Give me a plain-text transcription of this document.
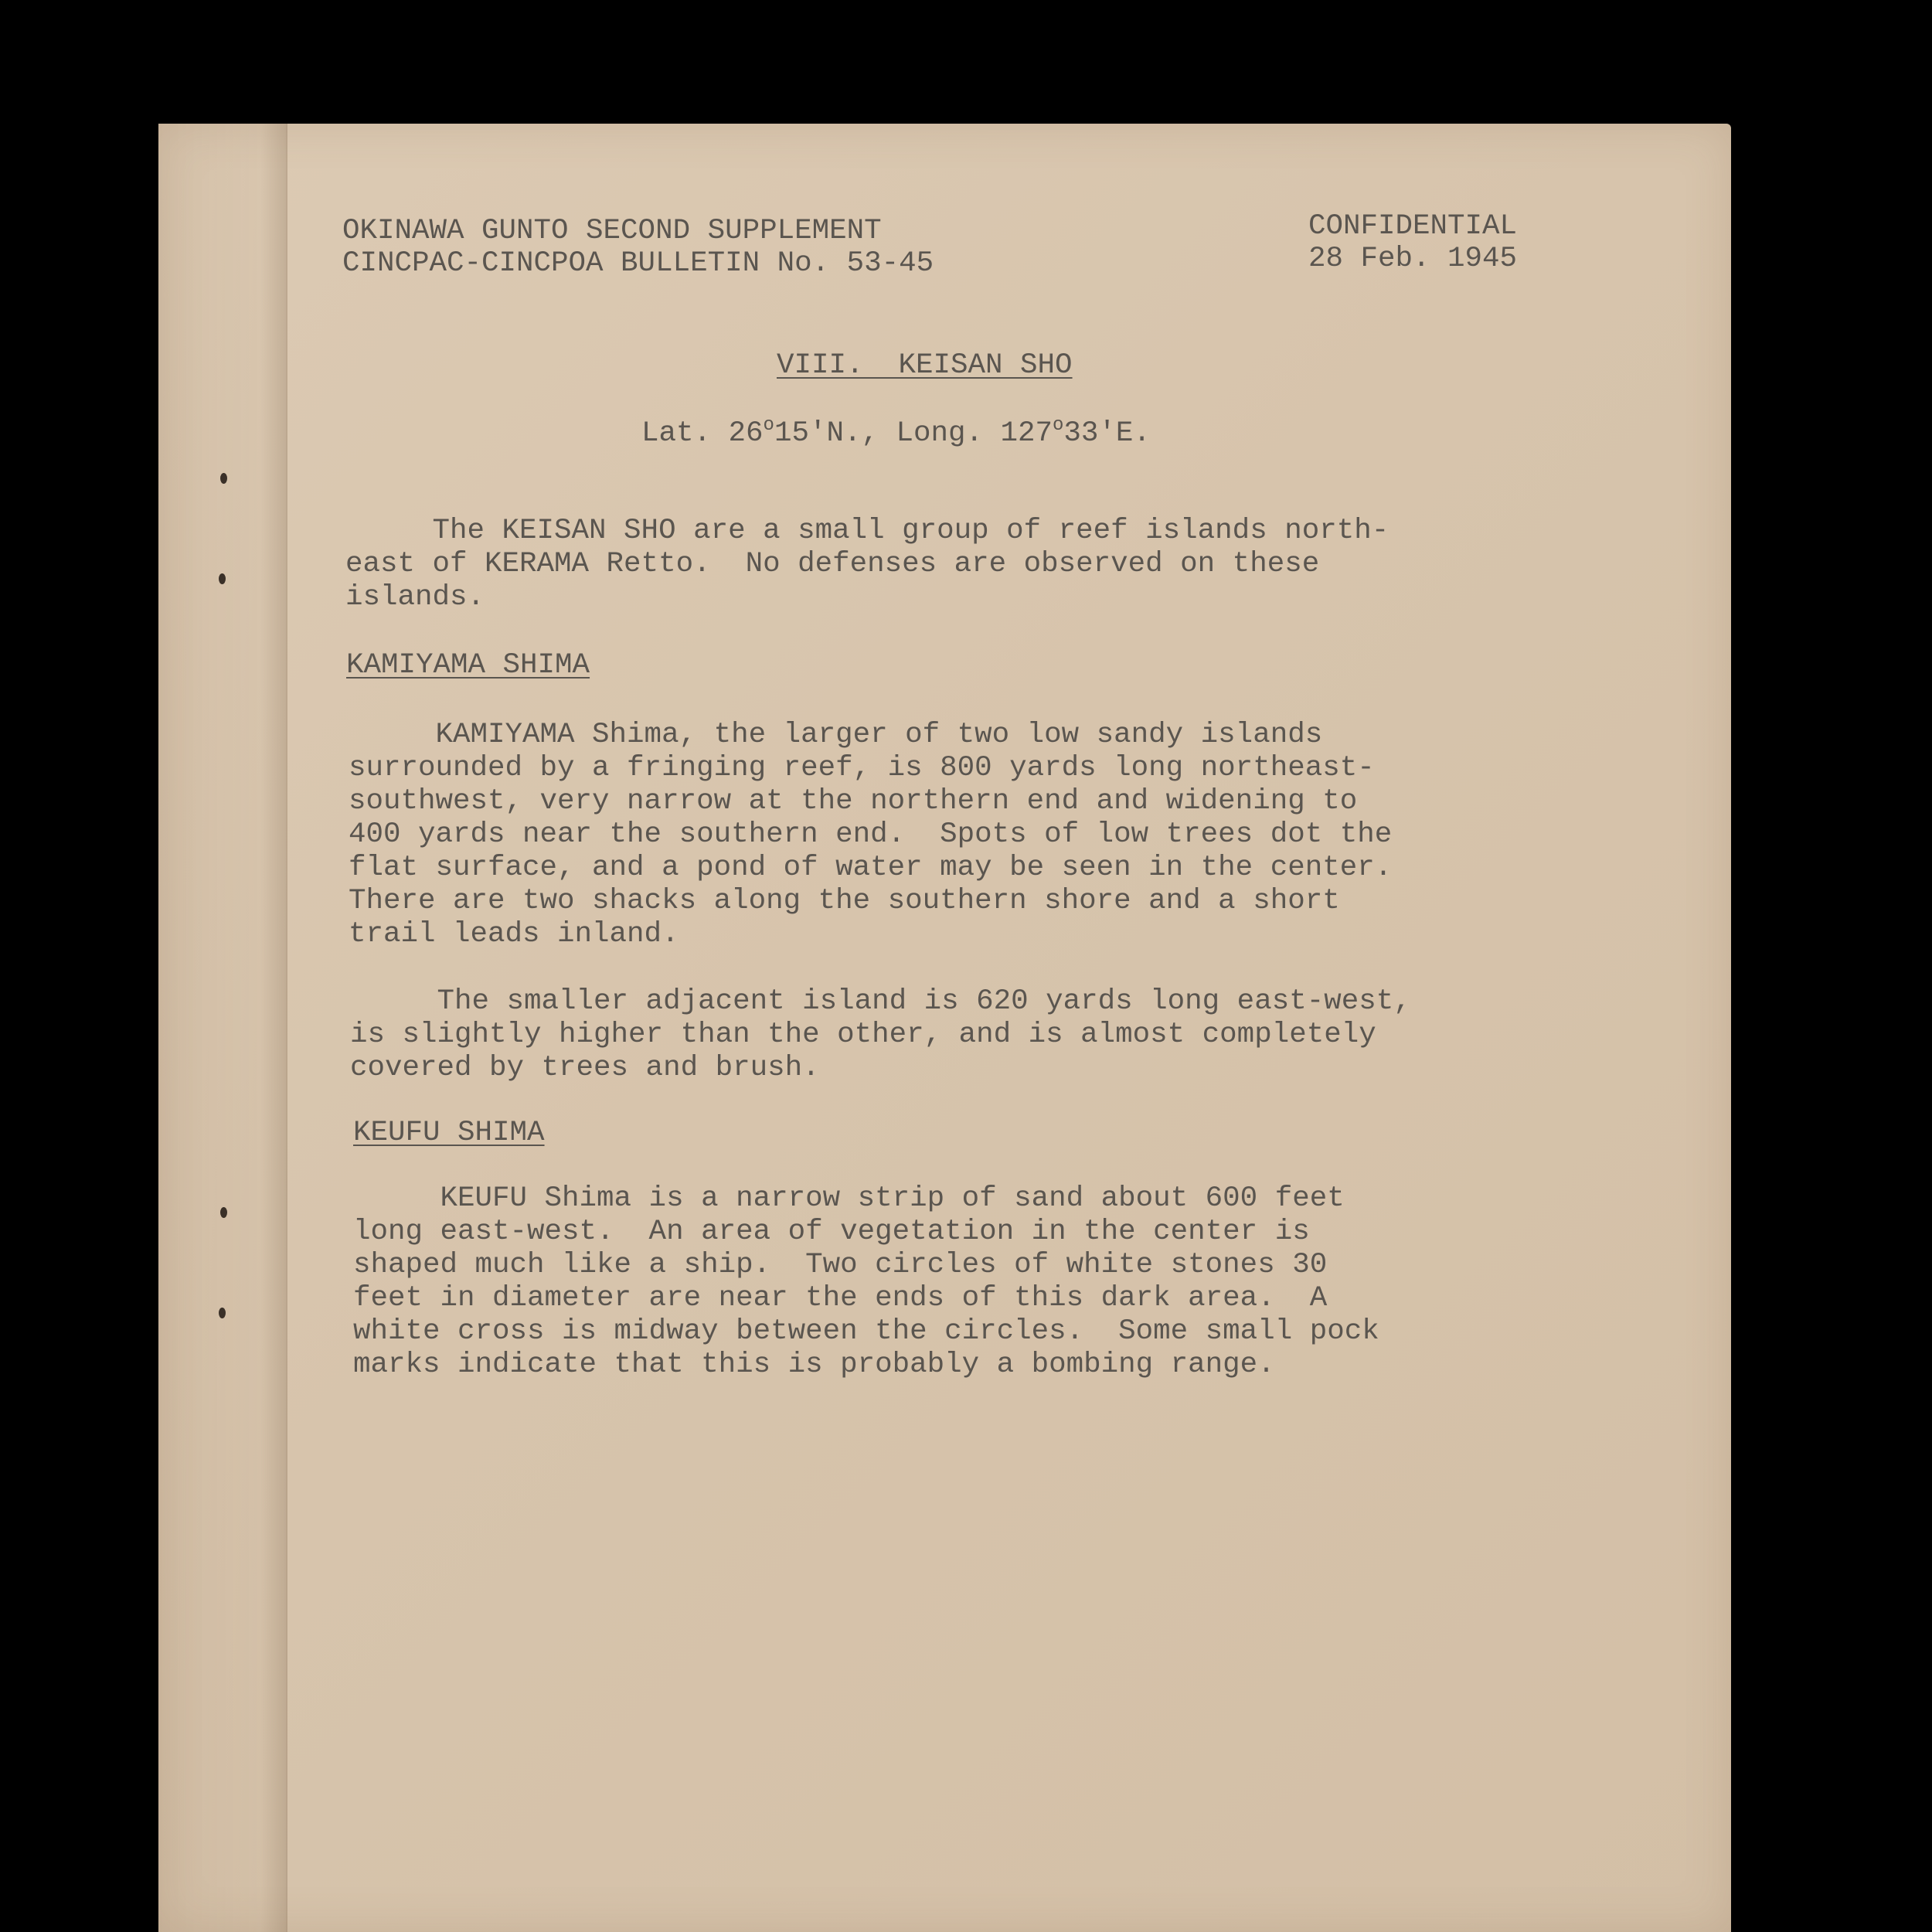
OKINAWA GUNTO SECOND SUPPLEMENT
CINCPAC-CINCPOA BULLETIN No. 53-45
CONFIDENTIAL
28 Feb. 1945
VIII.  KEISAN SHO
Lat. 26$^o$15'N., Long. 127$^o$33'E.
The KEISAN SHO are a small group of reef islands north-
east of KERAMA Retto.  No defenses are observed on these
islands.
KAMIYAMA SHIMA
KAMIYAMA Shima, the larger of two low sandy islands
surrounded by a fringing reef, is 800 yards long northeast-
southwest, very narrow at the northern end and widening to
400 yards near the southern end.  Spots of low trees dot the
flat surface, and a pond of water may be seen in the center.
There are two shacks along the southern shore and a short
trail leads inland.
The smaller adjacent island is 620 yards long east-west,
is slightly higher than the other, and is almost completely
covered by trees and brush.
KEUFU SHIMA
KEUFU Shima is a narrow strip of sand about 600 feet
long east-west.  An area of vegetation in the center is
shaped much like a ship.  Two circles of white stones 30
feet in diameter are near the ends of this dark area.  A
white cross is midway between the circles.  Some small pock
marks indicate that this is probably a bombing range.
